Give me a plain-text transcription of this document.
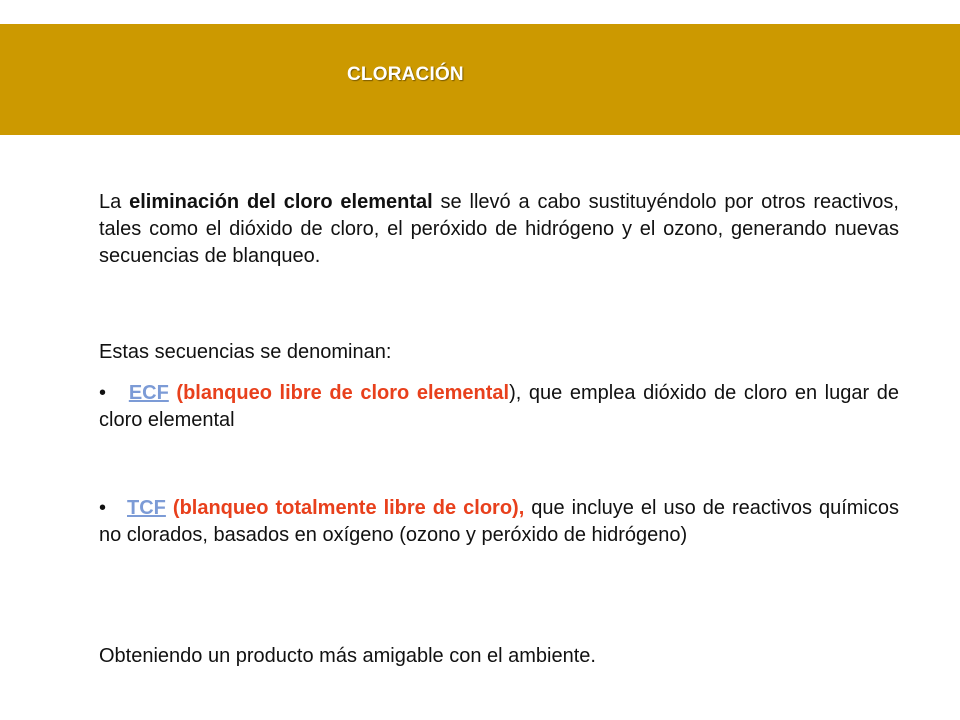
CLORACIÓN
La eliminación del cloro elemental se llevó a cabo sustituyéndolo por otros reactivos, tales como el dióxido de cloro, el peróxido de hidrógeno y el ozono, generando nuevas secuencias de blanqueo.
Estas secuencias se denominan:
• ECF (blanqueo libre de cloro elemental), que emplea dióxido de cloro en lugar de cloro elemental
• TCF (blanqueo totalmente libre de cloro), que incluye el uso de reactivos químicos no clorados, basados en oxígeno (ozono y peróxido de hidrógeno)
Obteniendo un producto más amigable con el ambiente.
